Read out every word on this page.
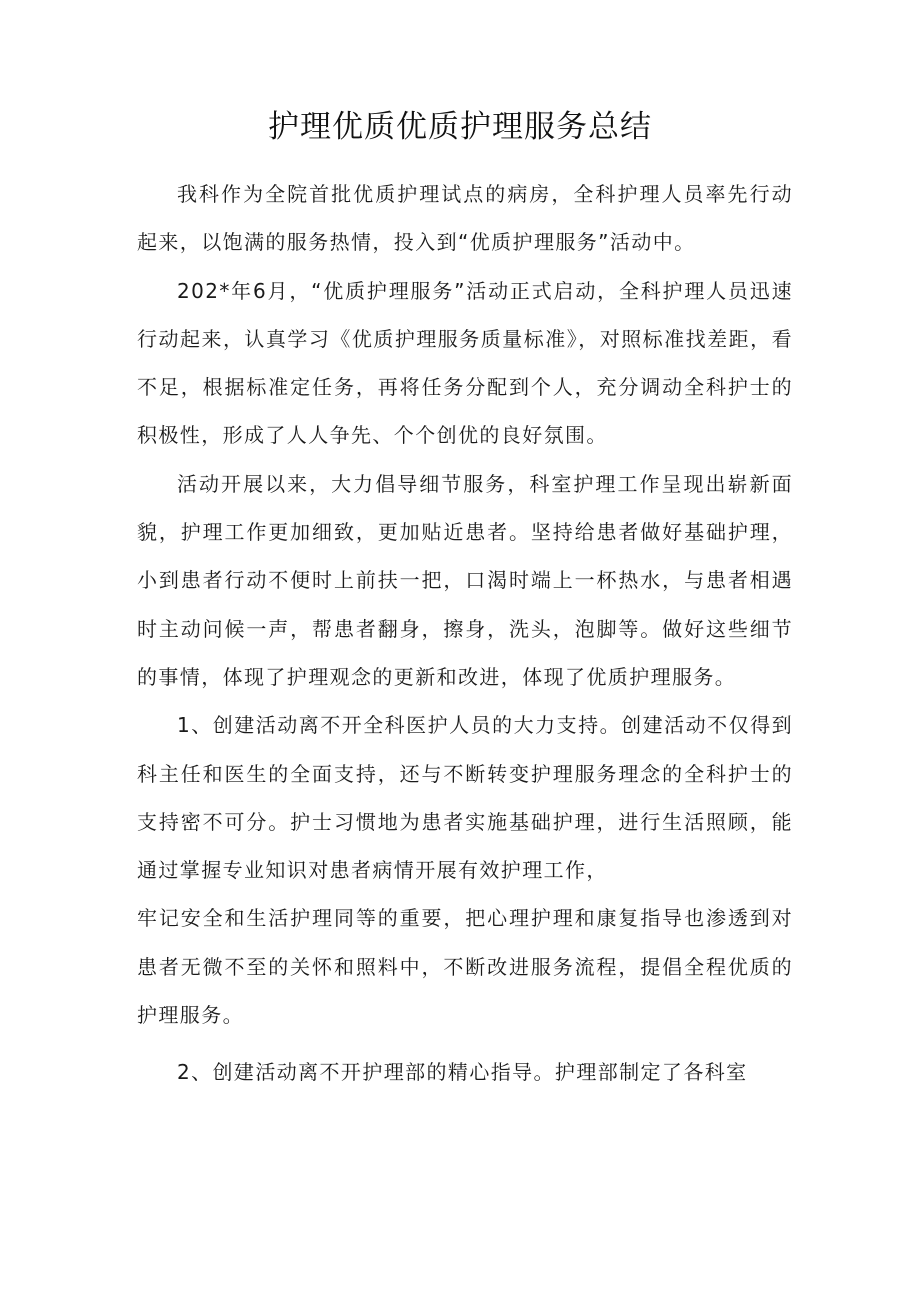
护理优质优质护理服务总结

我科作为全院首批优质护理试点的病房，全科护理人员率先行动起来，以饱满的服务热情，投入到“优质护理服务”活动中。

202*年6月，“优质护理服务”活动正式启动，全科护理人员迅速行动起来，认真学习《优质护理服务质量标准》，对照标准找差距，看不足，根据标准定任务，再将任务分配到个人，充分调动全科护士的积极性，形成了人人争先、个个创优的良好氛围。

活动开展以来，大力倡导细节服务，科室护理工作呈现出崭新面貌，护理工作更加细致，更加贴近患者。坚持给患者做好基础护理，小到患者行动不便时上前扶一把，口渴时端上一杯热水，与患者相遇时主动问候一声，帮患者翻身，擦身，洗头，泡脚等。做好这些细节的事情，体现了护理观念的更新和改进，体现了优质护理服务。

1、创建活动离不开全科医护人员的大力支持。创建活动不仅得到科主任和医生的全面支持，还与不断转变护理服务理念的全科护士的支持密不可分。护士习惯地为患者实施基础护理，进行生活照顾，能通过掌握专业知识对患者病情开展有效护理工作，

牢记安全和生活护理同等的重要，把心理护理和康复指导也渗透到对患者无微不至的关怀和照料中，不断改进服务流程，提倡全程优质的护理服务。

2、创建活动离不开护理部的精心指导。护理部制定了各科室
